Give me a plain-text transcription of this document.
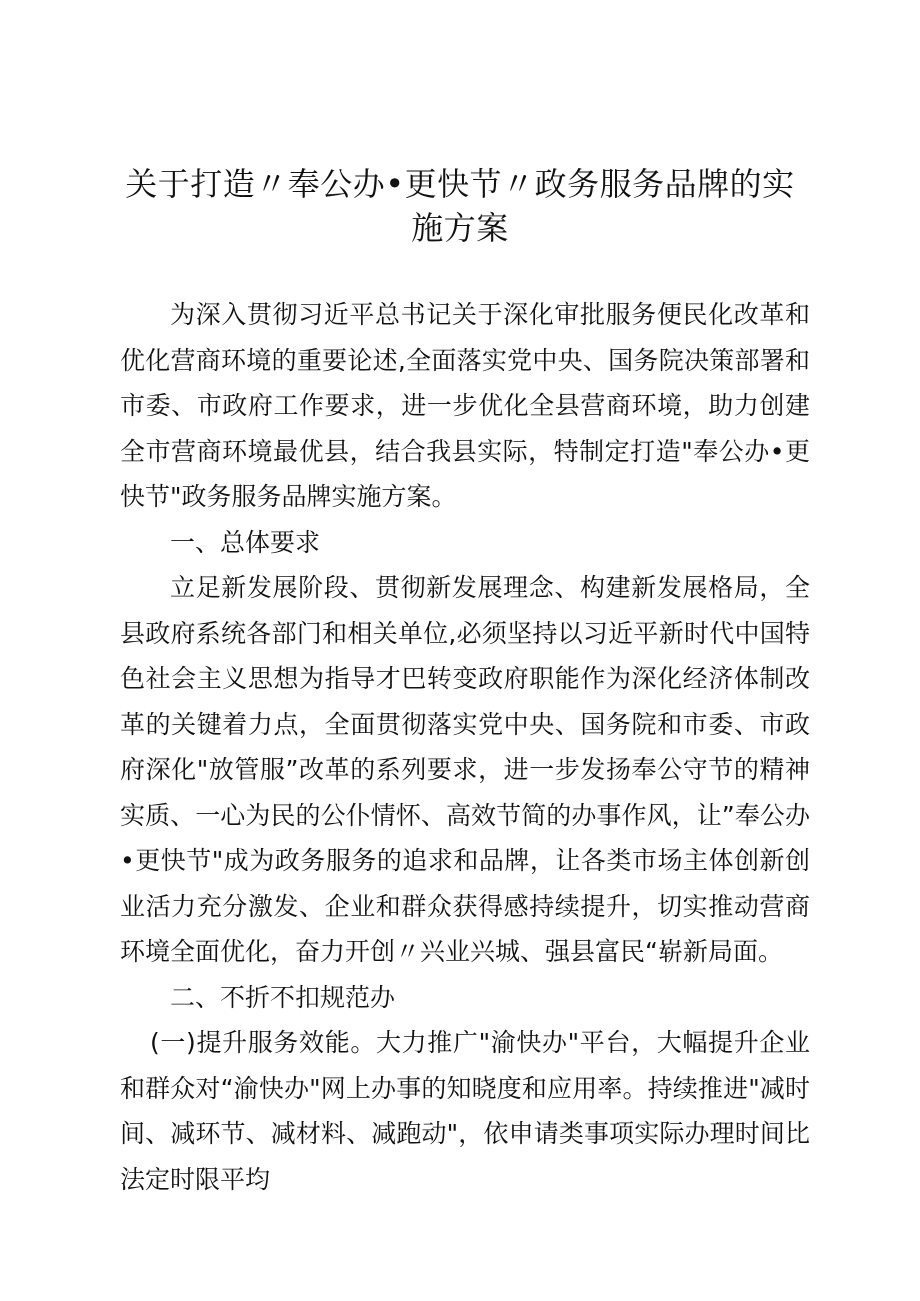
关于打造〃奉公办•更快节〃政务服务品牌的实施方案

为深入贯彻习近平总书记关于深化审批服务便民化改革和优化营商环境的重要论述,全面落实党中央、国务院决策部署和市委、市政府工作要求，进一步优化全县营商环境，助力创建全市营商环境最优县，结合我县实际，特制定打造"奉公办•更快节"政务服务品牌实施方案。

一、总体要求

立足新发展阶段、贯彻新发展理念、构建新发展格局，全县政府系统各部门和相关单位,必须坚持以习近平新时代中国特色社会主义思想为指导才巴转变政府职能作为深化经济体制改革的关键着力点，全面贯彻落实党中央、国务院和市委、市政府深化"放管服”改革的系列要求，进一步发扬奉公守节的精神实质、一心为民的公仆情怀、高效节简的办事作风，让”奉公办•更快节"成为政务服务的追求和品牌，让各类市场主体创新创业活力充分激发、企业和群众获得感持续提升，切实推动营商环境全面优化，奋力开创〃兴业兴城、强县富民“崭新局面。

二、不折不扣规范办

(一)提升服务效能。大力推广"渝快办"平台，大幅提升企业和群众对“渝快办"网上办事的知晓度和应用率。持续推进"减时间、减环节、减材料、减跑动"，依申请类事项实际办理时间比法定时限平均
